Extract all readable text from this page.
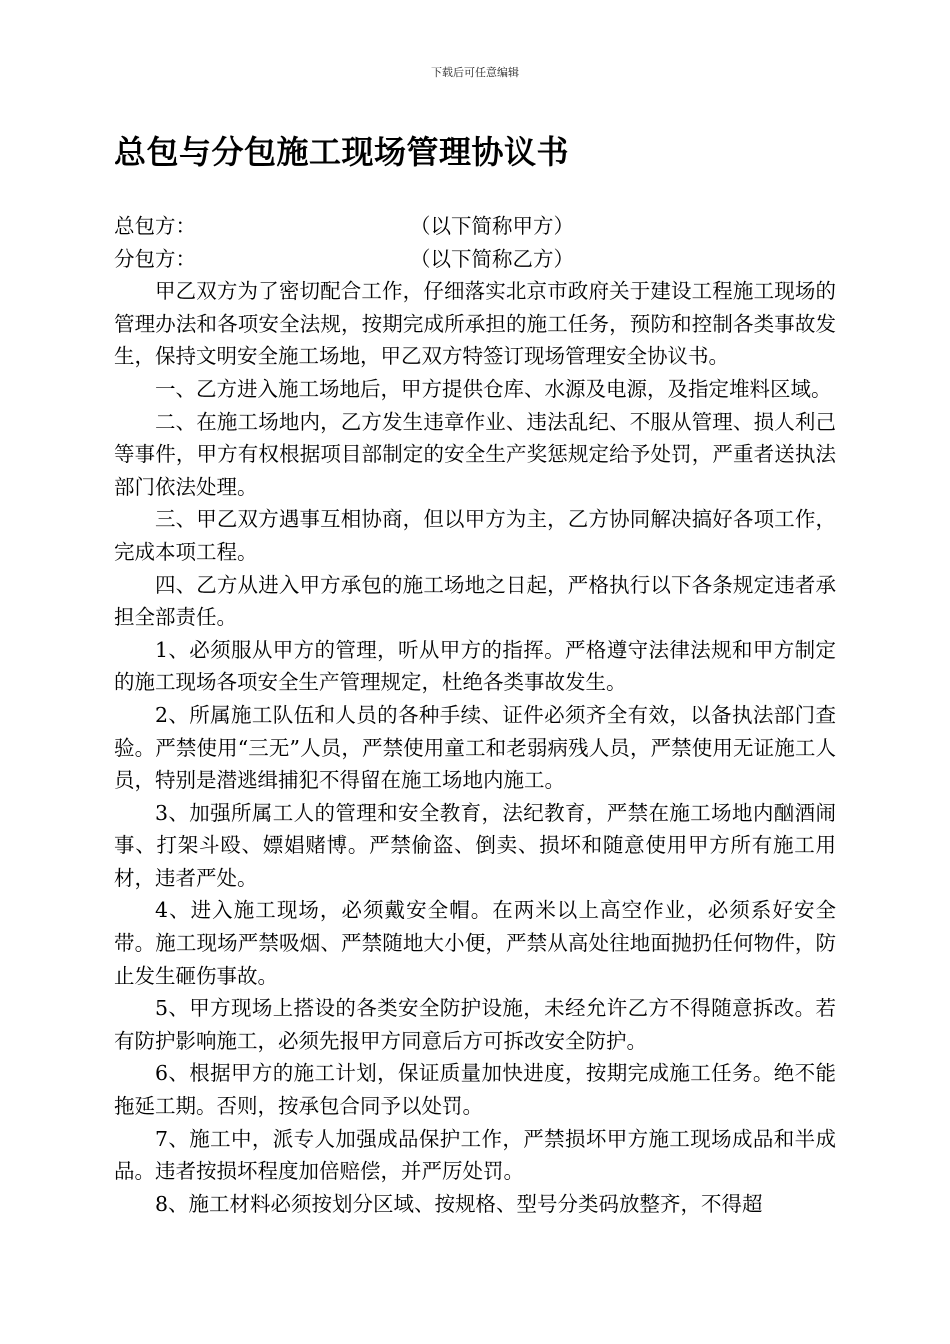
下载后可任意编辑
总包与分包施工现场管理协议书
总包方：	（以下简称甲方）
分包方：	（以下简称乙方）

甲乙双方为了密切配合工作，仔细落实北京市政府关于建设工程施工现场的管理办法和各项安全法规，按期完成所承担的施工任务，预防和控制各类事故发生，保持文明安全施工场地，甲乙双方特签订现场管理安全协议书。

一、乙方进入施工场地后，甲方提供仓库、水源及电源，及指定堆料区域。

二、在施工场地内，乙方发生违章作业、违法乱纪、不服从管理、损人利己等事件，甲方有权根据项目部制定的安全生产奖惩规定给予处罚，严重者送执法部门依法处理。

三、甲乙双方遇事互相协商，但以甲方为主，乙方协同解决搞好各项工作，完成本项工程。

四、乙方从进入甲方承包的施工场地之日起，严格执行以下各条规定违者承担全部责任。

1、必须服从甲方的管理，听从甲方的指挥。严格遵守法律法规和甲方制定的施工现场各项安全生产管理规定，杜绝各类事故发生。

2、所属施工队伍和人员的各种手续、证件必须齐全有效，以备执法部门查验。严禁使用“三无”人员，严禁使用童工和老弱病残人员，严禁使用无证施工人员，特别是潜逃缉捕犯不得留在施工场地内施工。

3、加强所属工人的管理和安全教育，法纪教育，严禁在施工场地内酗酒闹事、打架斗殴、嫖娼赌博。严禁偷盗、倒卖、损坏和随意使用甲方所有施工用材，违者严处。

4、进入施工现场，必须戴安全帽。在两米以上高空作业，必须系好安全带。施工现场严禁吸烟、严禁随地大小便，严禁从高处往地面抛扔任何物件，防止发生砸伤事故。

5、甲方现场上搭设的各类安全防护设施，未经允许乙方不得随意拆改。若有防护影响施工，必须先报甲方同意后方可拆改安全防护。

6、根据甲方的施工计划，保证质量加快进度，按期完成施工任务。绝不能拖延工期。否则，按承包合同予以处罚。

7、施工中，派专人加强成品保护工作，严禁损坏甲方施工现场成品和半成品。违者按损坏程度加倍赔偿，并严厉处罚。

8、施工材料必须按划分区域、按规格、型号分类码放整齐，不得超
